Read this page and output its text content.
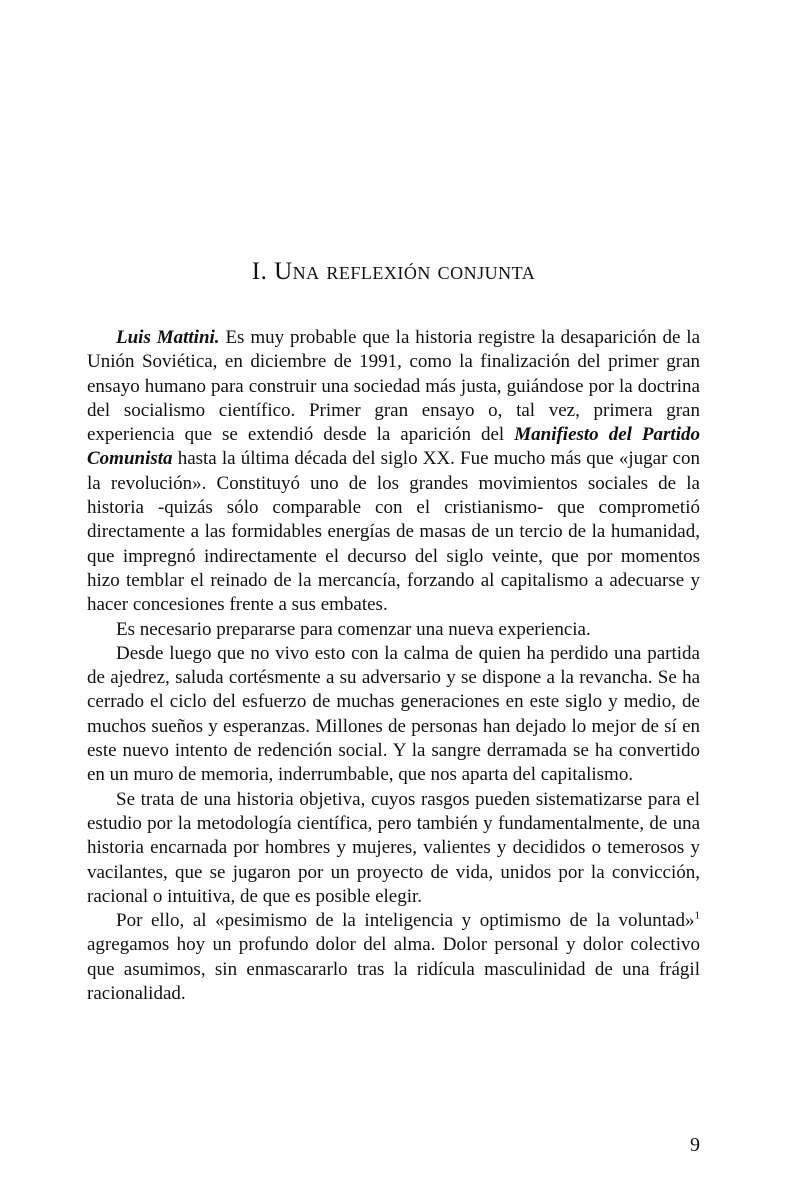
I. Una reflexión conjunta

Luis Mattini. Es muy probable que la historia registre la desaparición de la Unión Soviética, en diciembre de 1991, como la finalización del primer gran ensayo humano para construir una sociedad más justa, guiándose por la doctrina del socialismo científico. Primer gran ensayo o, tal vez, primera gran experiencia que se extendió desde la aparición del Manifiesto del Partido Comunista hasta la última década del siglo XX. Fue mucho más que «jugar con la revolución». Constituyó uno de los grandes movimientos sociales de la historia -quizás sólo comparable con el cristianismo- que comprometió directamente a las formidables energías de masas de un tercio de la humanidad, que impregnó indirectamente el decurso del siglo veinte, que por momentos hizo temblar el reinado de la mercancía, forzando al capitalismo a adecuarse y hacer concesiones frente a sus embates.

Es necesario prepararse para comenzar una nueva experiencia.

Desde luego que no vivo esto con la calma de quien ha perdido una partida de ajedrez, saluda cortésmente a su adversario y se dispone a la revancha. Se ha cerrado el ciclo del esfuerzo de muchas generaciones en este siglo y medio, de muchos sueños y esperanzas. Millones de personas han dejado lo mejor de sí en este nuevo intento de redención social. Y la sangre derramada se ha convertido en un muro de memoria, inderrumbable, que nos aparta del capitalismo.

Se trata de una historia objetiva, cuyos rasgos pueden sistematizarse para el estudio por la metodología científica, pero también y fundamentalmente, de una historia encarnada por hombres y mujeres, valientes y decididos o temerosos y vacilantes, que se jugaron por un proyecto de vida, unidos por la convicción, racional o intuitiva, de que es posible elegir.

Por ello, al «pesimismo de la inteligencia y optimismo de la voluntad»$^1$ agregamos hoy un profundo dolor del alma. Dolor personal y dolor colectivo que asumimos, sin enmascararlo tras la ridícula masculinidad de una frágil racionalidad.

9
